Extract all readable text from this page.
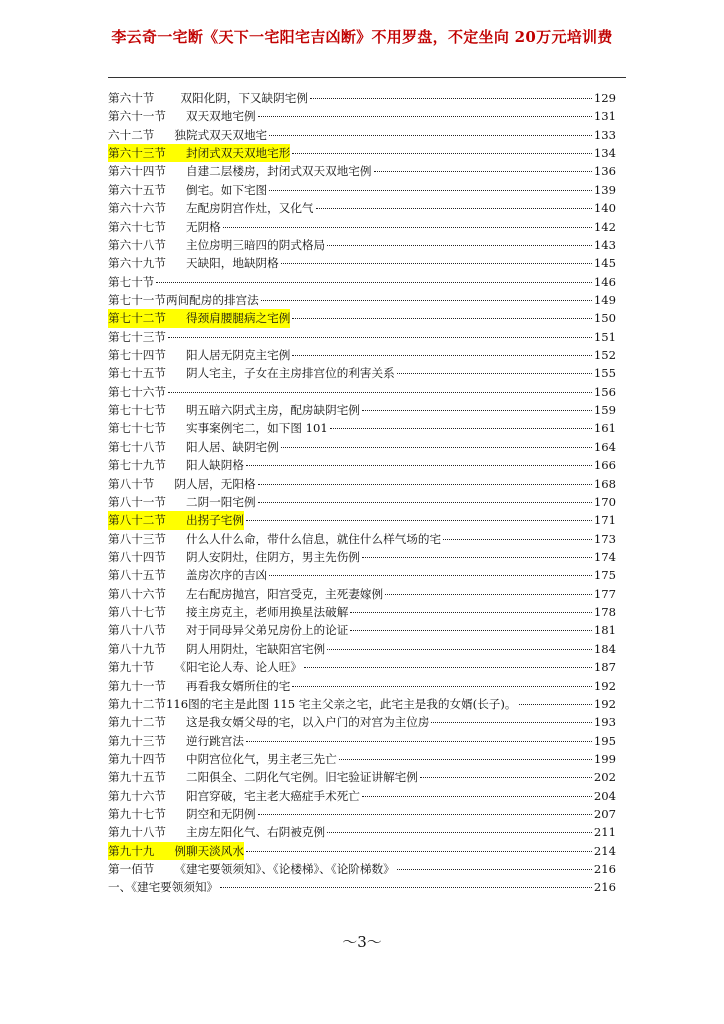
李云奇一宅断《天下一宅阳宅吉凶断》不用罗盘，不定坐向 20万元培训费
第六十节 双阳化阴，下又缺阴宅例	129
第六十一节 双天双地宅例	131
六十二节 独院式双天双地宅	133
第六十三节 封闭式双天双地宅形	134
第六十四节 自建二层楼房，封闭式双天双地宅例	136
第六十五节 倒宅。如下宅图	139
第六十六节 左配房阴宫作灶，又化气	140
第六十七节 无阴格	142
第六十八节 主位房明三暗四的阴式格局	143
第六十九节 天缺阳，地缺阴格	145
第七十节	146
第七十一节两间配房的排宫法	149
第七十二节 得颈肩腰腿病之宅例	150
第七十三节	151
第七十四节 阳人居无阴克主宅例	152
第七十五节 阴人宅主，子女在主房排宫位的利害关系	155
第七十六节	156
第七十七节 明五暗六阴式主房，配房缺阴宅例	159
第七十七节 实事案例宅二，如下图 101	161
第七十八节 阳人居、缺阴宅例	164
第七十九节 阳人缺阴格	166
第八十节 阴人居，无阳格	168
第八十一节 二阴一阳宅例	170
第八十二节 出拐子宅例	171
第八十三节 什么人什么命，带什么信息，就住什么样气场的宅	173
第八十四节 阴人安阴灶，住阴方，男主先伤例	174
第八十五节 盖房次序的吉凶	175
第八十六节 左右配房抛宫，阳宫受克，主死妻嫁例	177
第八十七节 接主房克主，老师用换星法破解	178
第八十八节 对于同母异父弟兄房份上的论证	181
第八十九节 阴人用阴灶，宅缺阳宫宅例	184
第九十节 《阳宅论人寿、论人旺》	187
第九十一节 再看我女婿所住的宅	192
第九十二节116图的宅主是此图 115 宅主父亲之宅，此宅主是我的女婿(长子)。	192
第九十二节 这是我女婿父母的宅，以入户门的对宫为主位房	193
第九十三节 逆行跳宫法	195
第九十四节 中阴宫位化气，男主老三先亡	199
第九十五节 二阳俱全、二阴化气宅例。旧宅验证讲解宅例	202
第九十六节 阳宫穿破，宅主老大癌症手术死亡	204
第九十七节 阴空和无阴例	207
第九十八节 主房左阳化气、右阴被克例	211
第九十九 例聊天淡风水	214
第一佰节 《建宅要领须知》、《论楼梯》、《论阶梯数》	216
一、《建宅要领须知》	216
～3～
